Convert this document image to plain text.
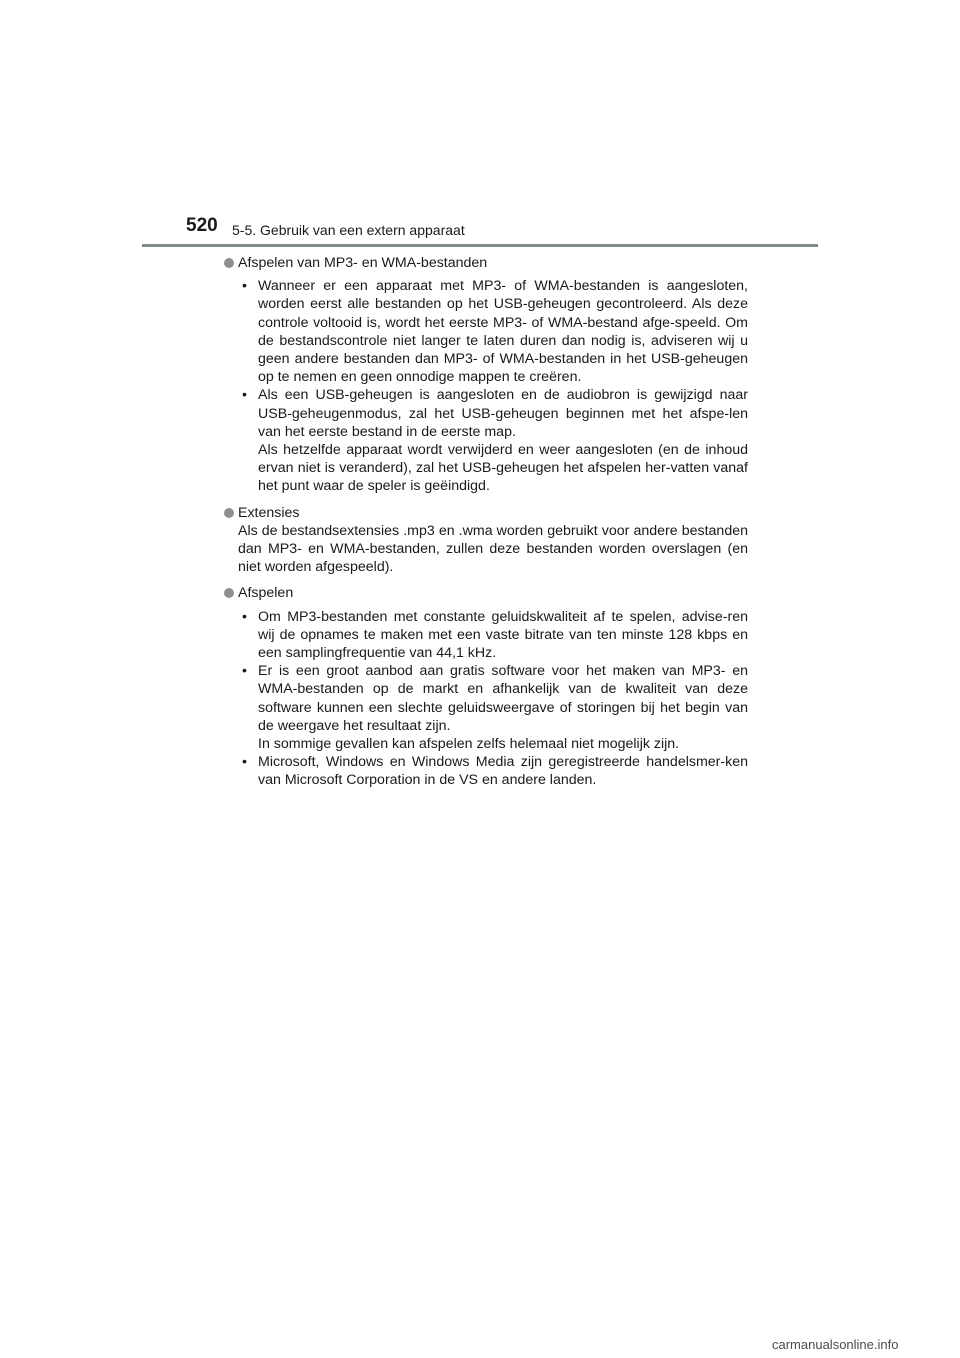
520 5-5. Gebruik van een extern apparaat
Afspelen van MP3- en WMA-bestanden
• Wanneer er een apparaat met MP3- of WMA-bestanden is aangesloten, worden eerst alle bestanden op het USB-geheugen gecontroleerd. Als deze controle voltooid is, wordt het eerste MP3- of WMA-bestand afge-speeld. Om de bestandscontrole niet langer te laten duren dan nodig is, adviseren wij u geen andere bestanden dan MP3- of WMA-bestanden in het USB-geheugen op te nemen en geen onnodige mappen te creëren.

• Als een USB-geheugen is aangesloten en de audiobron is gewijzigd naar USB-geheugenmodus, zal het USB-geheugen beginnen met het afspe-len van het eerste bestand in de eerste map.

Als hetzelfde apparaat wordt verwijderd en weer aangesloten (en de inhoud ervan niet is veranderd), zal het USB-geheugen het afspelen her-vatten vanaf het punt waar de speler is geëindigd.

Extensies
Als de bestandsextensies .mp3 en .wma worden gebruikt voor andere bestanden dan MP3- en WMA-bestanden, zullen deze bestanden worden overslagen (en niet worden afgespeeld).
Afspelen
• Om MP3-bestanden met constante geluidskwaliteit af te spelen, advise-ren wij de opnames te maken met een vaste bitrate van ten minste 128 kbps en een samplingfrequentie van 44,1 kHz.

• Er is een groot aanbod aan gratis software voor het maken van MP3- en WMA-bestanden op de markt en afhankelijk van de kwaliteit van deze software kunnen een slechte geluidsweergave of storingen bij het begin van de weergave het resultaat zijn.

In sommige gevallen kan afspelen zelfs helemaal niet mogelijk zijn.

• Microsoft, Windows en Windows Media zijn geregistreerde handelsmer-ken van Microsoft Corporation in de VS en andere landen.

carmanualsonline.info
